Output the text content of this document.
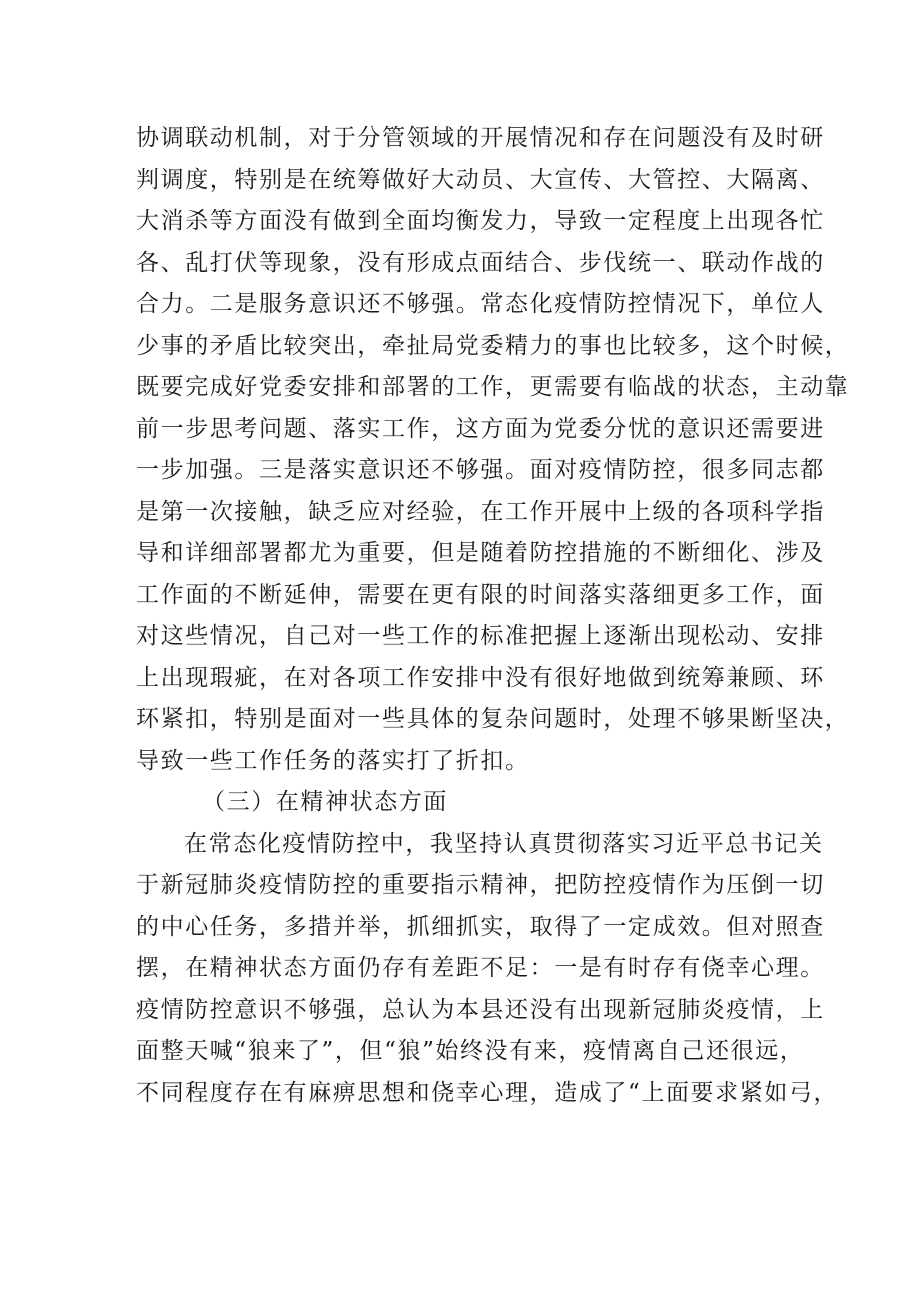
协调联动机制，对于分管领域的开展情况和存在问题没有及时研
判调度，特别是在统筹做好大动员、大宣传、大管控、大隔离、
大消杀等方面没有做到全面均衡发力，导致一定程度上出现各忙
各、乱打伏等现象，没有形成点面结合、步伐统一、联动作战的
合力。二是服务意识还不够强。常态化疫情防控情况下，单位人
少事的矛盾比较突出，牵扯局党委精力的事也比较多，这个时候，
既要完成好党委安排和部署的工作，更需要有临战的状态，主动靠
前一步思考问题、落实工作，这方面为党委分忧的意识还需要进
一步加强。三是落实意识还不够强。面对疫情防控，很多同志都
是第一次接触，缺乏应对经验，在工作开展中上级的各项科学指
导和详细部署都尤为重要，但是随着防控措施的不断细化、涉及
工作面的不断延伸，需要在更有限的时间落实落细更多工作，面
对这些情况，自己对一些工作的标准把握上逐渐出现松动、安排
上出现瑕疵，在对各项工作安排中没有很好地做到统筹兼顾、环
环紧扣，特别是面对一些具体的复杂问题时，处理不够果断坚决，
导致一些工作任务的落实打了折扣。
（三）在精神状态方面
在常态化疫情防控中，我坚持认真贯彻落实习近平总书记关
于新冠肺炎疫情防控的重要指示精神，把防控疫情作为压倒一切
的中心任务，多措并举，抓细抓实，取得了一定成效。但对照查
摆，在精神状态方面仍存有差距不足：一是有时存有侥幸心理。
疫情防控意识不够强，总认为本县还没有出现新冠肺炎疫情，上
面整天喊“狼来了”，但“狼”始终没有来，疫情离自己还很远，
不同程度存在有麻痹思想和侥幸心理，造成了“上面要求紧如弓，
